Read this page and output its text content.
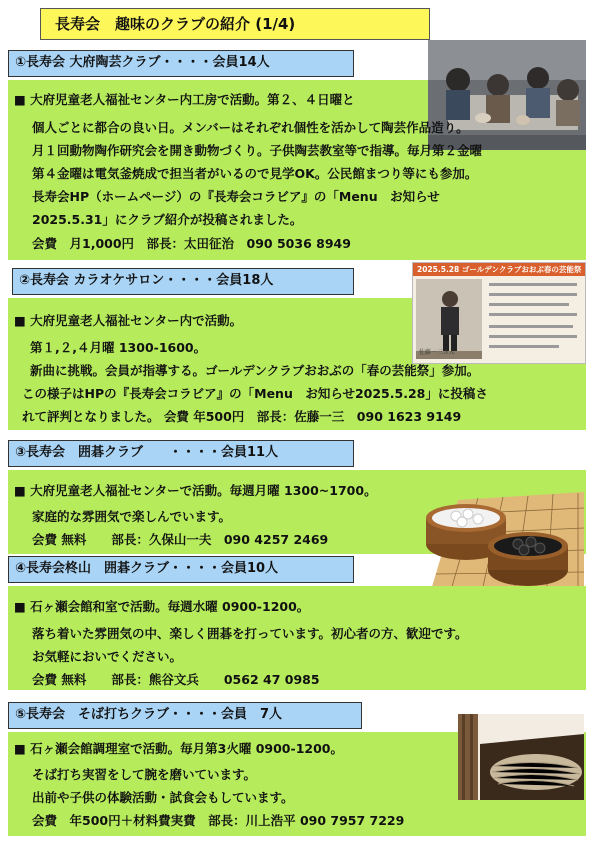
長寿会　趣味のクラブの紹介 (1/4)
①長寿会 大府陶芸クラブ・・・・会員14人
■ 大府児童老人福祉センター内工房で活動。第２、４日曜と
個人ごとに都合の良い日。メンバーはそれぞれ個性を活かして陶芸作品造り。
月１回動物陶作研究会を開き動物づくり。子供陶芸教室等で指導。毎月第２金曜
第４金曜は電気釜焼成で担当者がいるので見学OK。公民館まつり等にも参加。
長寿会HP（ホームページ）の『長寿会コラビア』の「Menu　お知らせ
2025.5.31」にクラブ紹介が投稿されました。
会費　月1,000円　部長：太田征治　090 5036 8949
②長寿会 カラオケサロン・・・・会員18人
2025.5.28 ゴールデンクラブおおぶ春の芸能祭
佐藤一三さん
■ 大府児童老人福祉センター内で活動。
第１,２,４月曜 1300-1600。
新曲に挑戦。会員が指導する。ゴールデンクラブおおぶの「春の芸能祭」参加。
この様子はHPの『長寿会コラビア』の「Menu　お知らせ2025.5.28」に投稿さ
れて評判となりました。 会費 年500円　部長：佐藤一三　090 1623 9149
③長寿会　囲碁クラブ　　・・・・会員11人
■ 大府児童老人福祉センターで活動。毎週月曜 1300~1700。
家庭的な雰囲気で楽しんでいます。
会費 無料　　部長：久保山一夫　090 4257 2469
④長寿会柊山　囲碁クラブ・・・・会員10人
■ 石ヶ瀬会館和室で活動。毎週水曜 0900-1200。
落ち着いた雰囲気の中、楽しく囲碁を打っています。初心者の方、歓迎です。
お気軽においでください。
会費 無料　　部長：熊谷文兵　　0562 47 0985
⑤長寿会　そば打ちクラブ・・・・会員　7人
■ 石ヶ瀬会館調理室で活動。毎月第3火曜 0900-1200。
そば打ち実習をして腕を磨いています。
出前や子供の体験活動・試食会もしています。
会費　年500円＋材料費実費　部長：川上浩平 090 7957 7229
